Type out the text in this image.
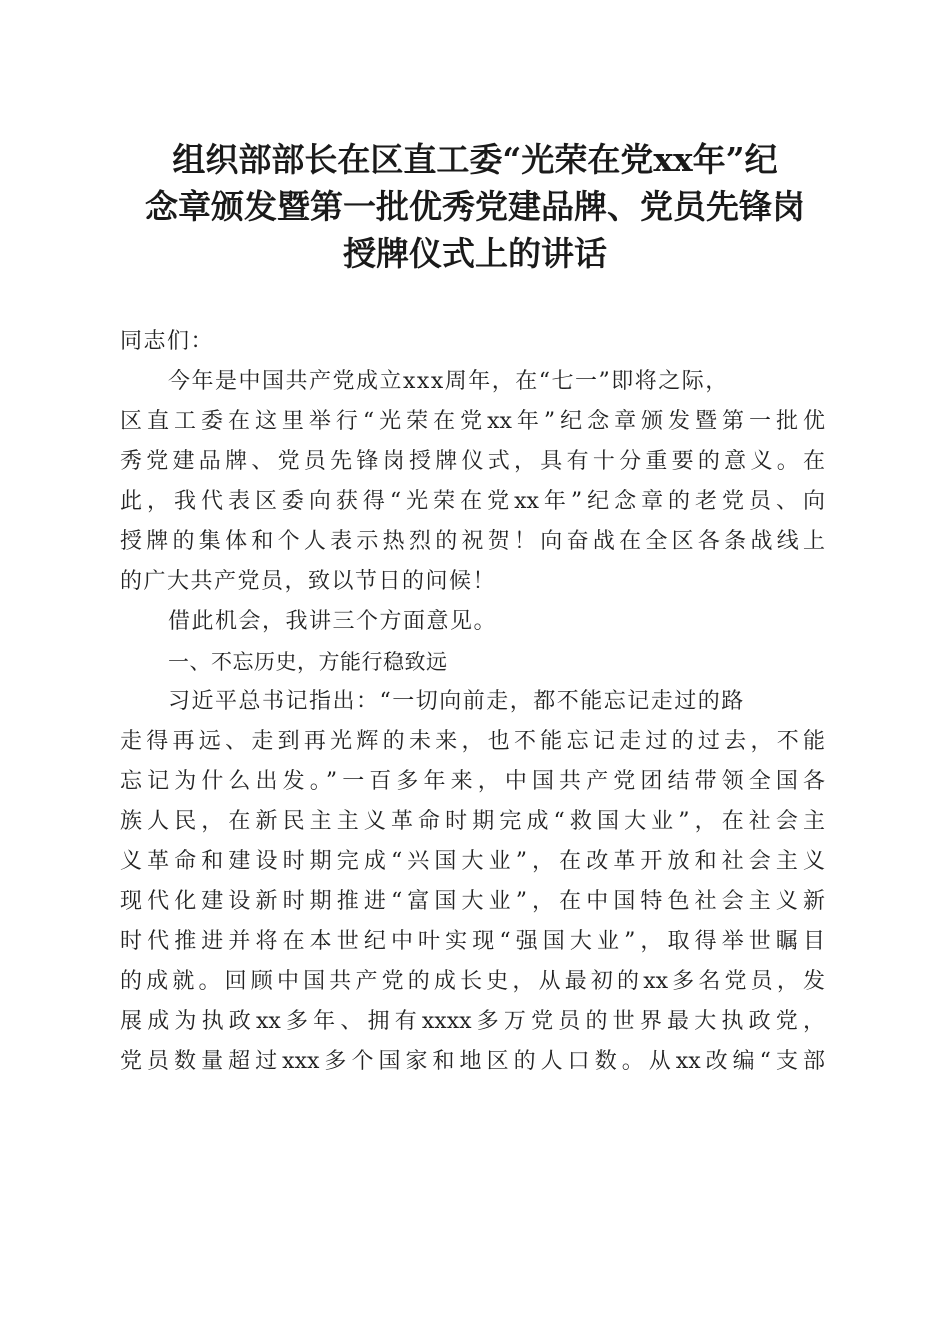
组织部部长在区直工委“光荣在党xx年”纪
念章颁发暨第一批优秀党建品牌、党员先锋岗
授牌仪式上的讲话
同志们：
今年是中国共产党成立xxx周年，在“七一”即将之际，
区直工委在这里举行“光荣在党xx年”纪念章颁发暨第一批优
秀党建品牌、党员先锋岗授牌仪式，具有十分重要的意义。在
此，我代表区委向获得“光荣在党xx年”纪念章的老党员、向
授牌的集体和个人表示热烈的祝贺！向奋战在全区各条战线上
的广大共产党员，致以节日的问候！
借此机会，我讲三个方面意见。
一、不忘历史，方能行稳致远
习近平总书记指出：“一切向前走，都不能忘记走过的路
走得再远、走到再光辉的未来，也不能忘记走过的过去，不能
忘记为什么出发。”一百多年来，中国共产党团结带领全国各
族人民，在新民主主义革命时期完成“救国大业”，在社会主
义革命和建设时期完成“兴国大业”，在改革开放和社会主义
现代化建设新时期推进“富国大业”，在中国特色社会主义新
时代推进并将在本世纪中叶实现“强国大业”，取得举世瞩目
的成就。回顾中国共产党的成长史，从最初的xx多名党员，发
展成为执政xx多年、拥有xxxx多万党员的世界最大执政党，
党员数量超过xxx多个国家和地区的人口数。从xx改编“支部
